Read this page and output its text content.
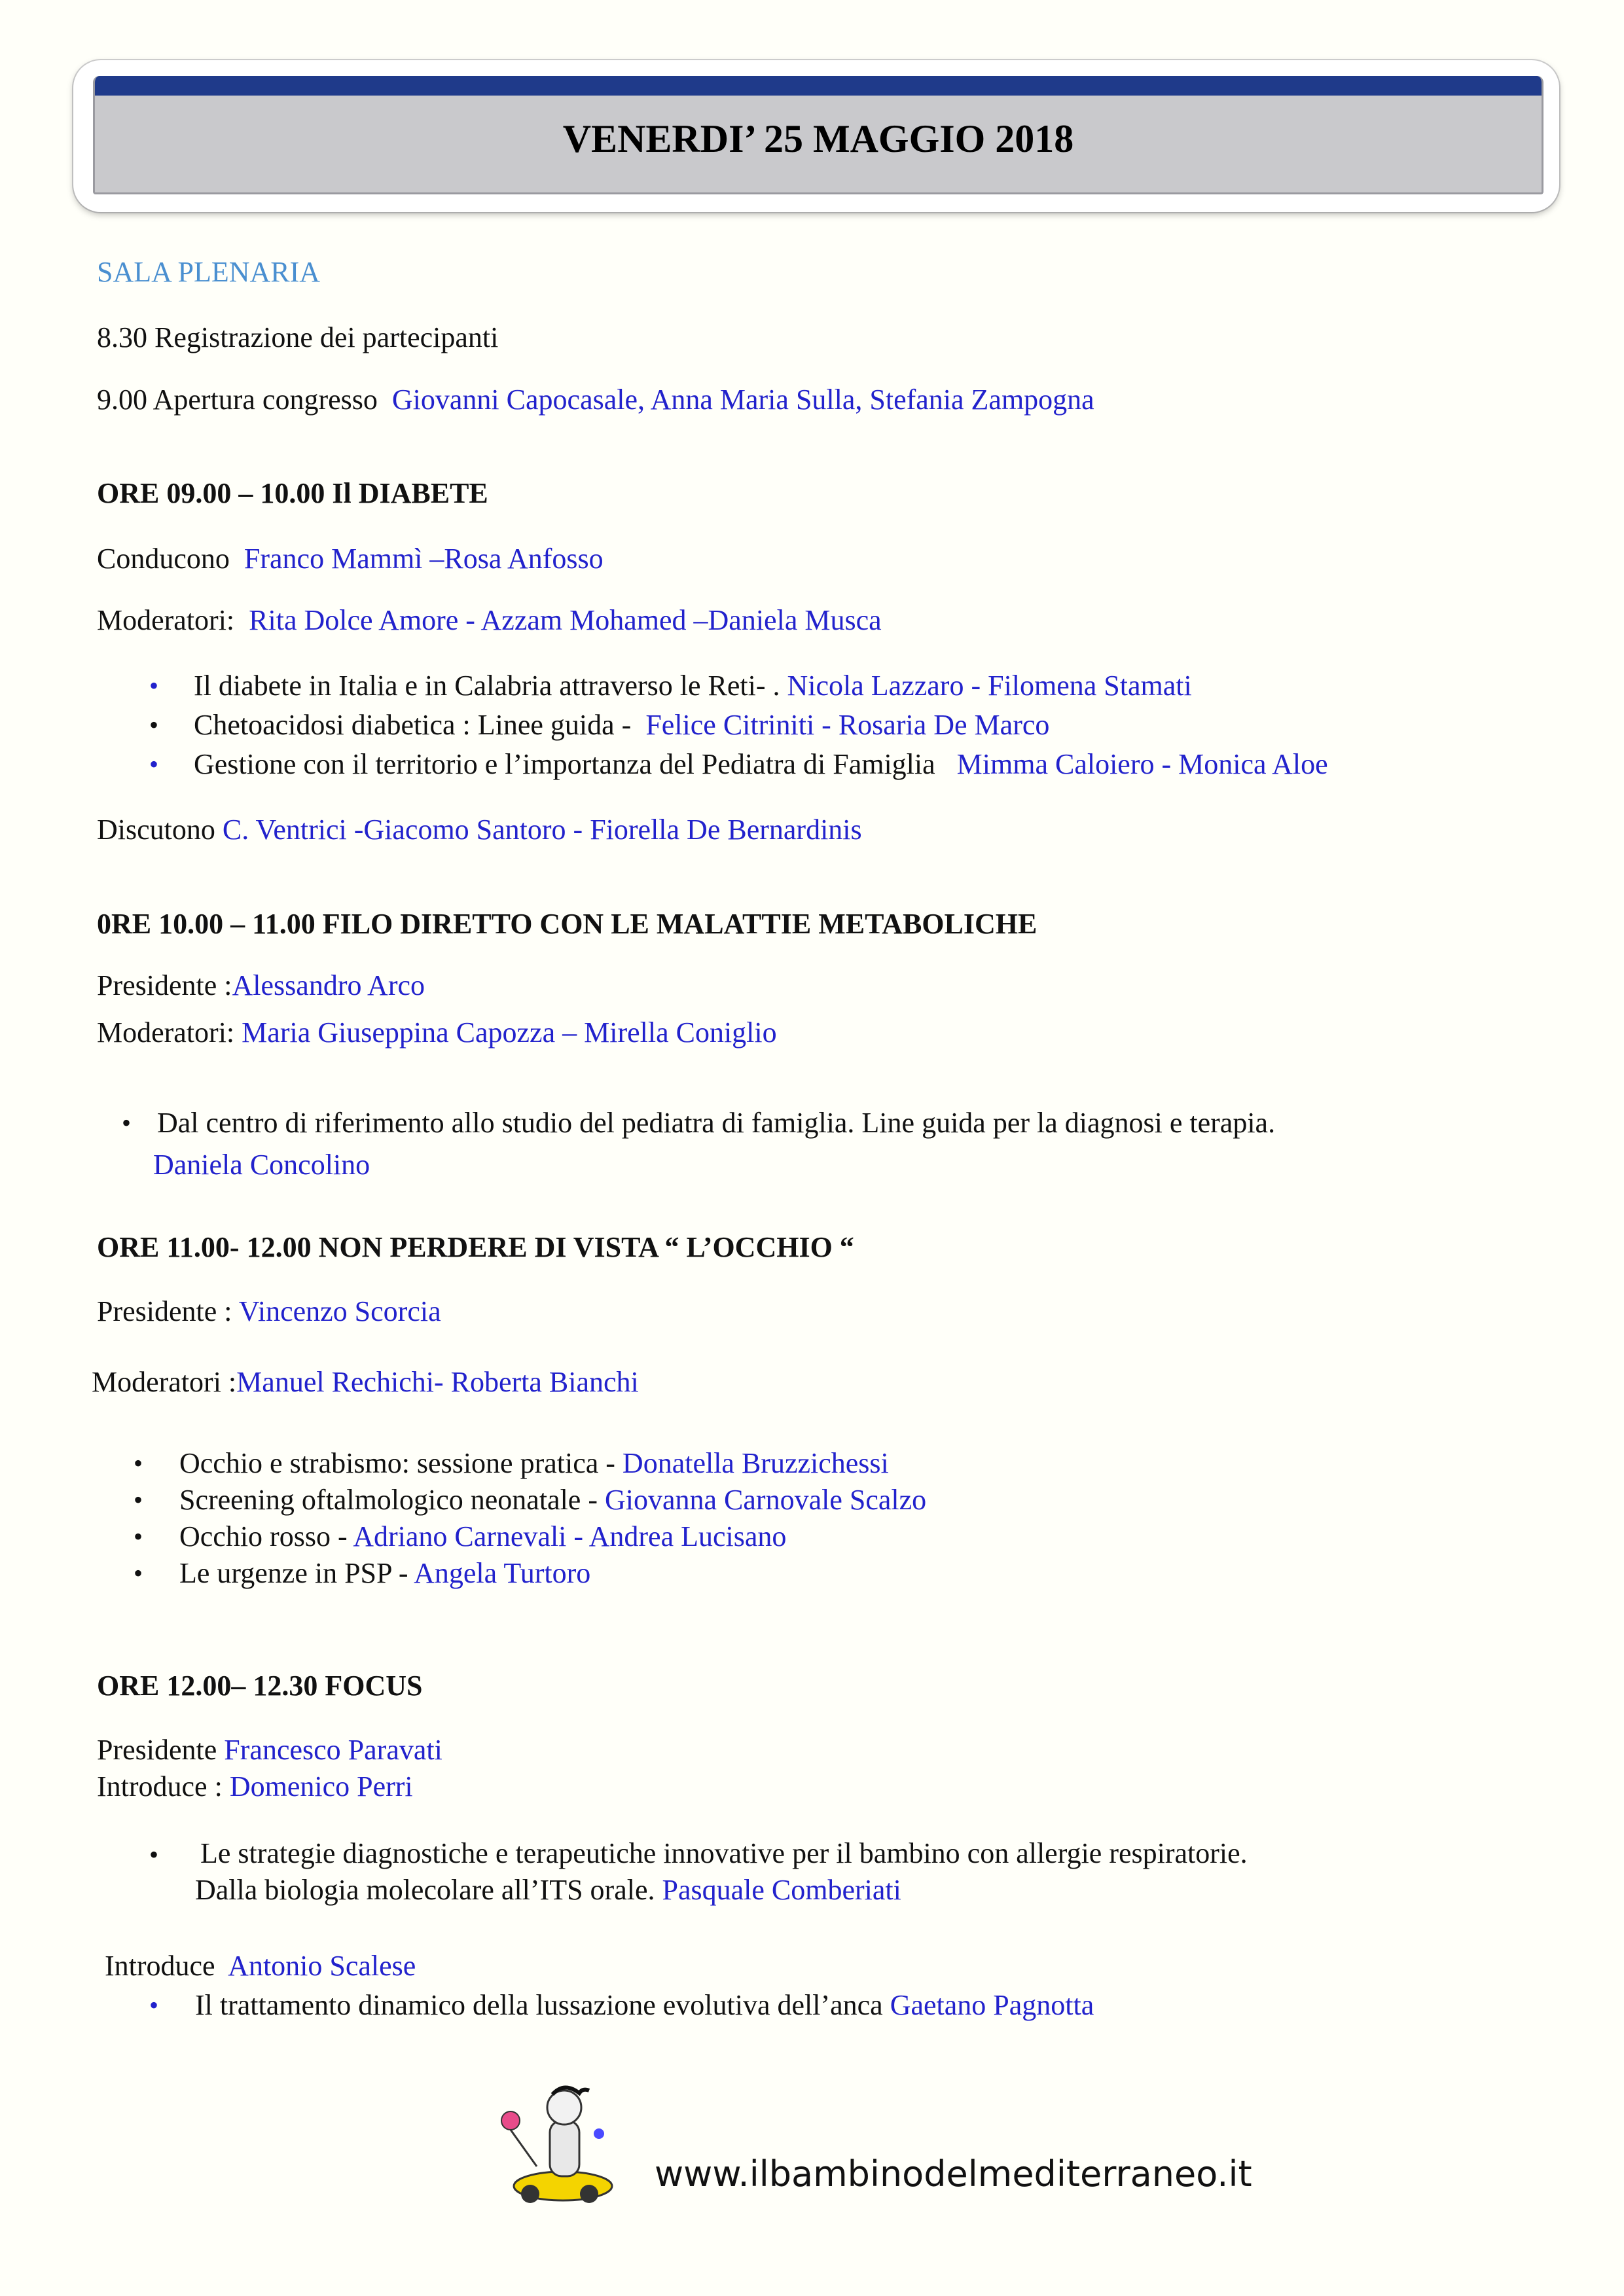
VENERDI’ 25 MAGGIO 2018
SALA PLENARIA
8.30 Registrazione dei partecipanti
9.00 Apertura congresso Giovanni Capocasale, Anna Maria Sulla, Stefania Zampogna
ORE 09.00 – 10.00 Il DIABETE
Conducono Franco Mammì –Rosa Anfosso
Moderatori: Rita Dolce Amore - Azzam Mohamed –Daniela Musca
• Il diabete in Italia e in Calabria attraverso le Reti- . Nicola Lazzaro - Filomena Stamati
• Chetoacidosi diabetica : Linee guida - Felice Citriniti - Rosaria De Marco
• Gestione con il territorio e l’importanza del Pediatra di Famiglia Mimma Caloiero - Monica Aloe
Discutono C. Ventrici -Giacomo Santoro - Fiorella De Bernardinis
0RE 10.00 – 11.00 FILO DIRETTO CON LE MALATTIE METABOLICHE
Presidente :Alessandro Arco
Moderatori: Maria Giuseppina Capozza – Mirella Coniglio
• Dal centro di riferimento allo studio del pediatra di famiglia. Line guida per la diagnosi e terapia.
Daniela Concolino
ORE 11.00- 12.00 NON PERDERE DI VISTA “ L’OCCHIO “
Presidente : Vincenzo Scorcia
Moderatori :Manuel Rechichi- Roberta Bianchi
• Occhio e strabismo: sessione pratica - Donatella Bruzzichessi
• Screening oftalmologico neonatale - Giovanna Carnovale Scalzo
• Occhio rosso - Adriano Carnevali - Andrea Lucisano
• Le urgenze in PSP - Angela Turtoro
ORE 12.00– 12.30 FOCUS
Presidente Francesco Paravati
Introduce : Domenico Perri
• Le strategie diagnostiche e terapeutiche innovative per il bambino con allergie respiratorie.
Dalla biologia molecolare all’ITS orale. Pasquale Comberiati
Introduce Antonio Scalese
• Il trattamento dinamico della lussazione evolutiva dell’anca Gaetano Pagnotta
www.ilbambinodelmediterraneo.it
